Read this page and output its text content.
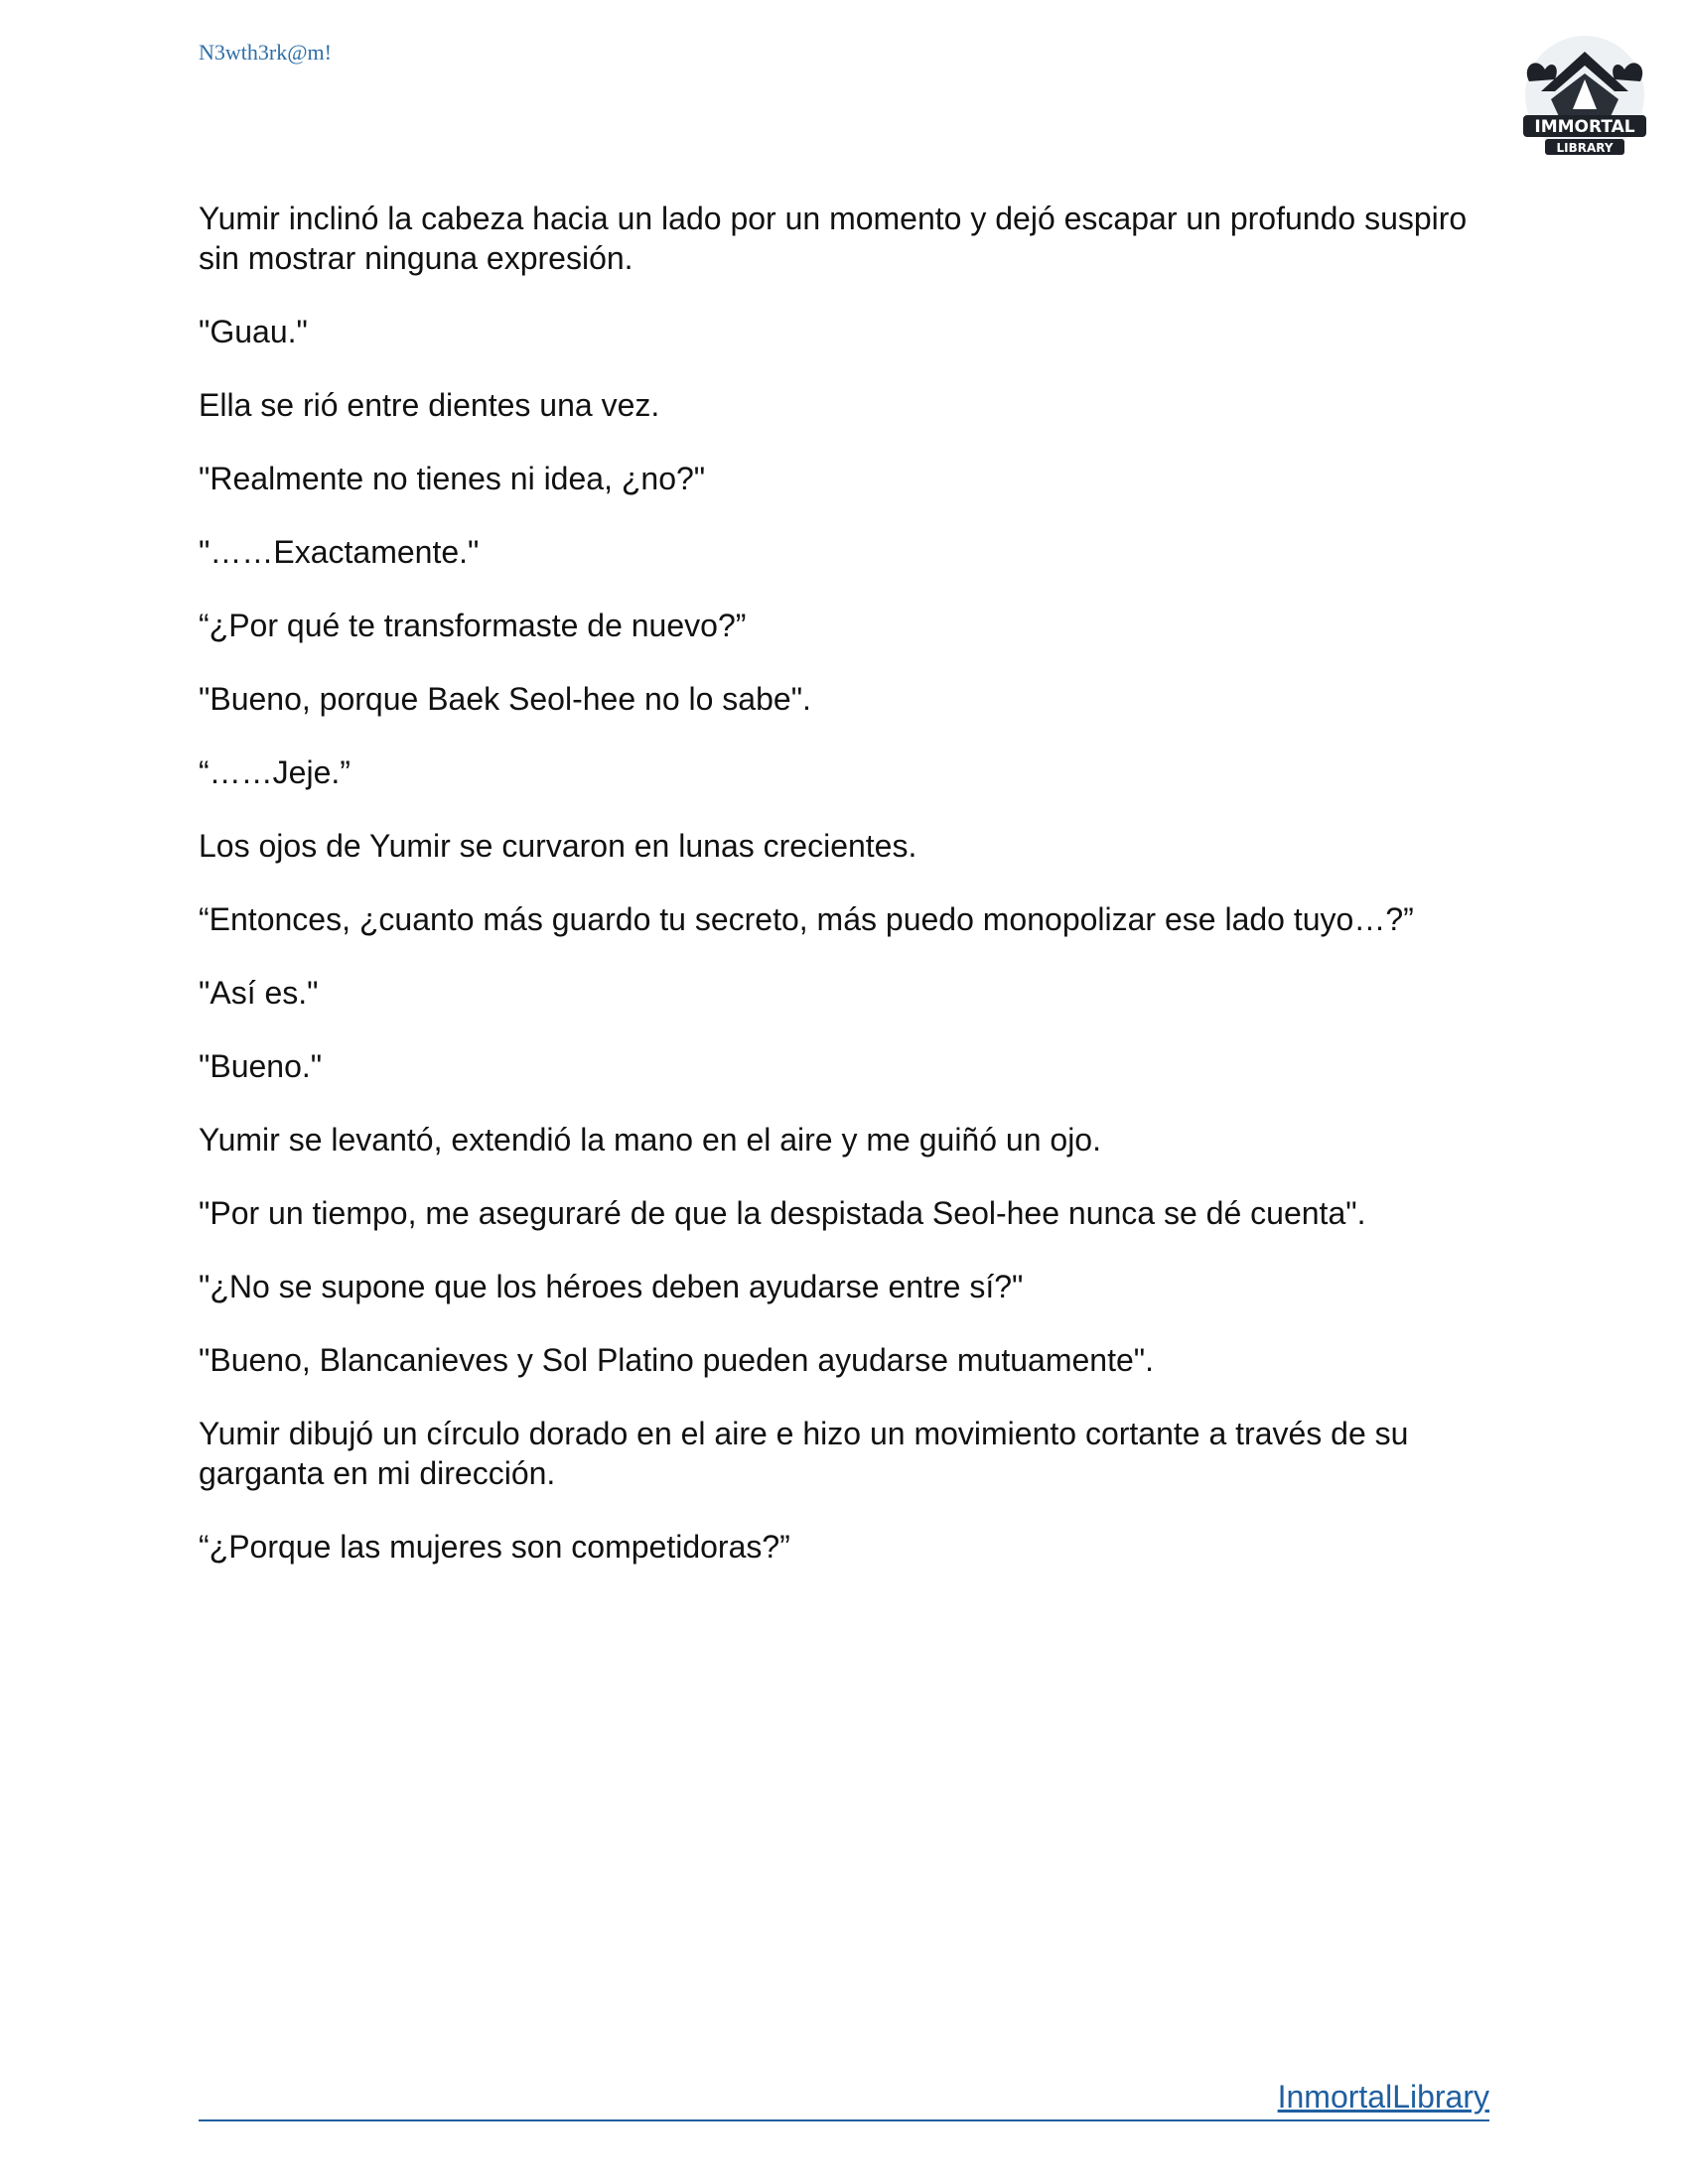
N3wth3rk@m!
IMMORTAL
LIBRARY

Yumir inclinó la cabeza hacia un lado por un momento y dejó escapar un profundo suspiro sin mostrar ninguna expresión.

"Guau."

Ella se rió entre dientes una vez.

"Realmente no tienes ni idea, ¿no?"

"……Exactamente."

“¿Por qué te transformaste de nuevo?”

"Bueno, porque Baek Seol-hee no lo sabe".

“……Jeje.”

Los ojos de Yumir se curvaron en lunas crecientes.

“Entonces, ¿cuanto más guardo tu secreto, más puedo monopolizar ese lado tuyo…?”

"Así es."

"Bueno."

Yumir se levantó, extendió la mano en el aire y me guiñó un ojo.

"Por un tiempo, me aseguraré de que la despistada Seol-hee nunca se dé cuenta".

"¿No se supone que los héroes deben ayudarse entre sí?"

"Bueno, Blancanieves y Sol Platino pueden ayudarse mutuamente".

Yumir dibujó un círculo dorado en el aire e hizo un movimiento cortante a través de su garganta en mi dirección.

“¿Porque las mujeres son competidoras?”

InmortalLibrary
